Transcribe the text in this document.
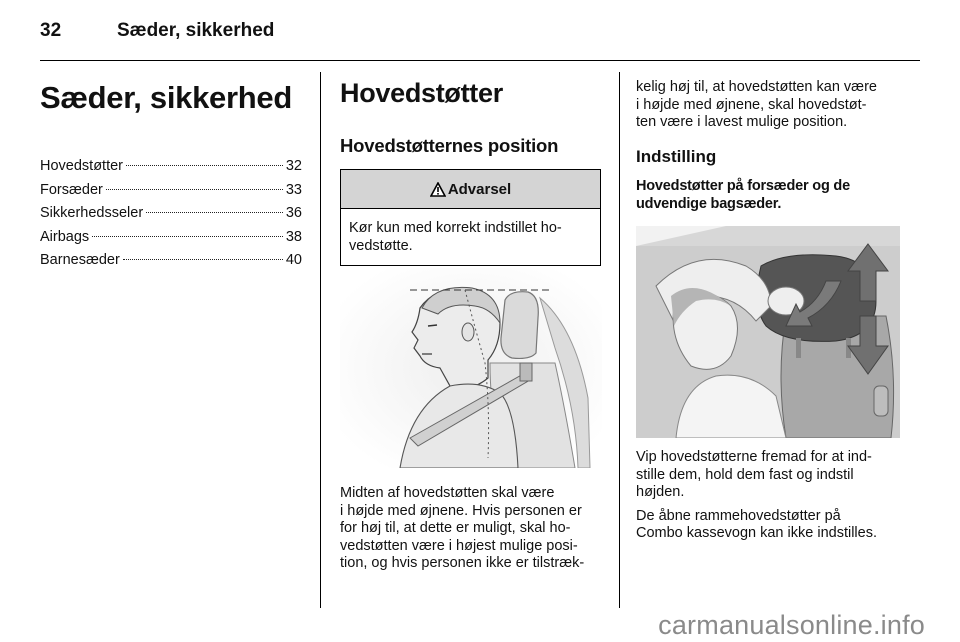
32	Sæder, sikkerhed
Sæder, sikkerhed
Hovedstøtter	32
Forsæder	33
Sikkerhedsseler	36
Airbags	38
Barnesæder	40
Hovedstøtter
Hovedstøtternes position
Advarsel
Kør kun med korrekt indstillet ho-vedstøtte.

Midten af hovedstøtten skal være
i højde med øjnene. Hvis personen er
for høj til, at dette er muligt, skal ho-
vedstøtten være i højest mulige posi-
tion, og hvis personen ikke er tilstræk-

kelig høj til, at hovedstøtten kan være
i højde med øjnene, skal hovedstøt-
ten være i lavest mulige position.

Indstilling
Hovedstøtter på forsæder og de udvendige bagsæder.

Vip hovedstøtterne fremad for at ind-
stille dem, hold dem fast og indstil
højden.

De åbne rammehovedstøtter på
Combo kassevogn kan ikke indstilles.

carmanualsonline.info
